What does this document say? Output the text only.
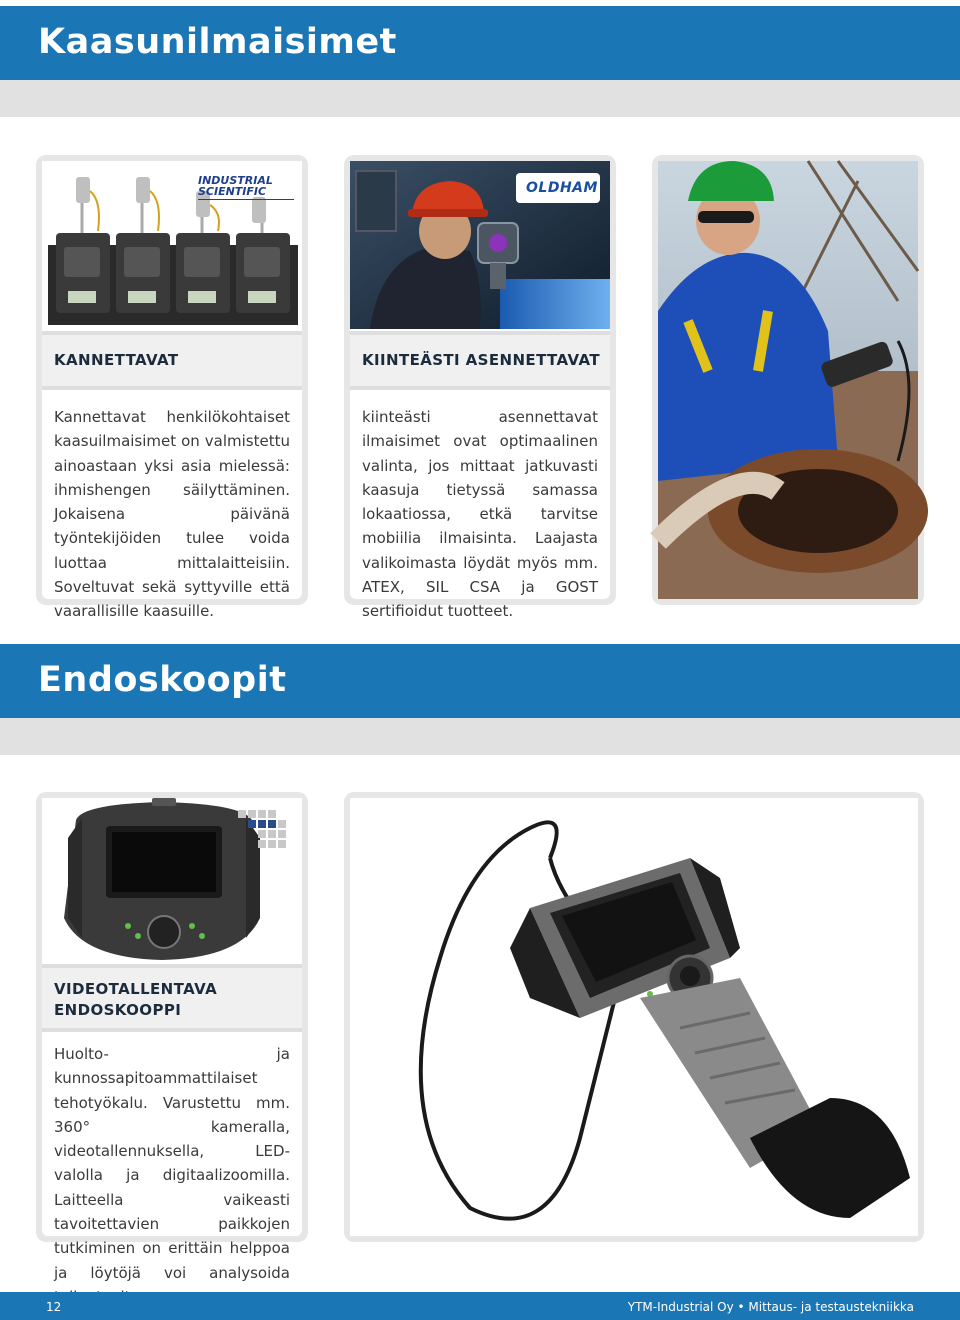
Kaasunilmaisimet
INDUSTRIAL SCIENTIFIC
KANNETTAVAT
Kannettavat henkilökohtaiset kaasuilmaisimet on valmistettu ainoastaan yksi asia mielessä: ihmishengen säilyttäminen. Jokaisena päivänä työntekijöiden tulee voida luottaa mittalaitteisiin. Soveltuvat sekä syttyville että vaarallisille kaasuille.
OLDHAM
KIINTEÄSTI ASENNETTAVAT
kiinteästi asennettavat ilmaisimet ovat optimaalinen valinta, jos mittaat jatkuvasti kaasuja tietyssä samassa lokaatiossa, etkä tarvitse mobiilia ilmaisinta. Laajasta valikoimasta löydät myös mm. ATEX, SIL CSA ja GOST sertifioidut tuotteet.
Endoskoopit
VIDEOTALLENTAVA ENDOSKOOPPI
Huolto- ja kunnossapitoammattilaiset tehotyökalu. Varustettu mm. 360° kameralla, videotallennuksella, LED-valolla ja digitaalizoomilla. Laitteella vaikeasti tavoitettavien paikkojen tutkiminen on erittäin helppoa ja löytöjä voi analysoida
12	YTM-Industrial Oy • Mittaus- ja testaustekniikka
